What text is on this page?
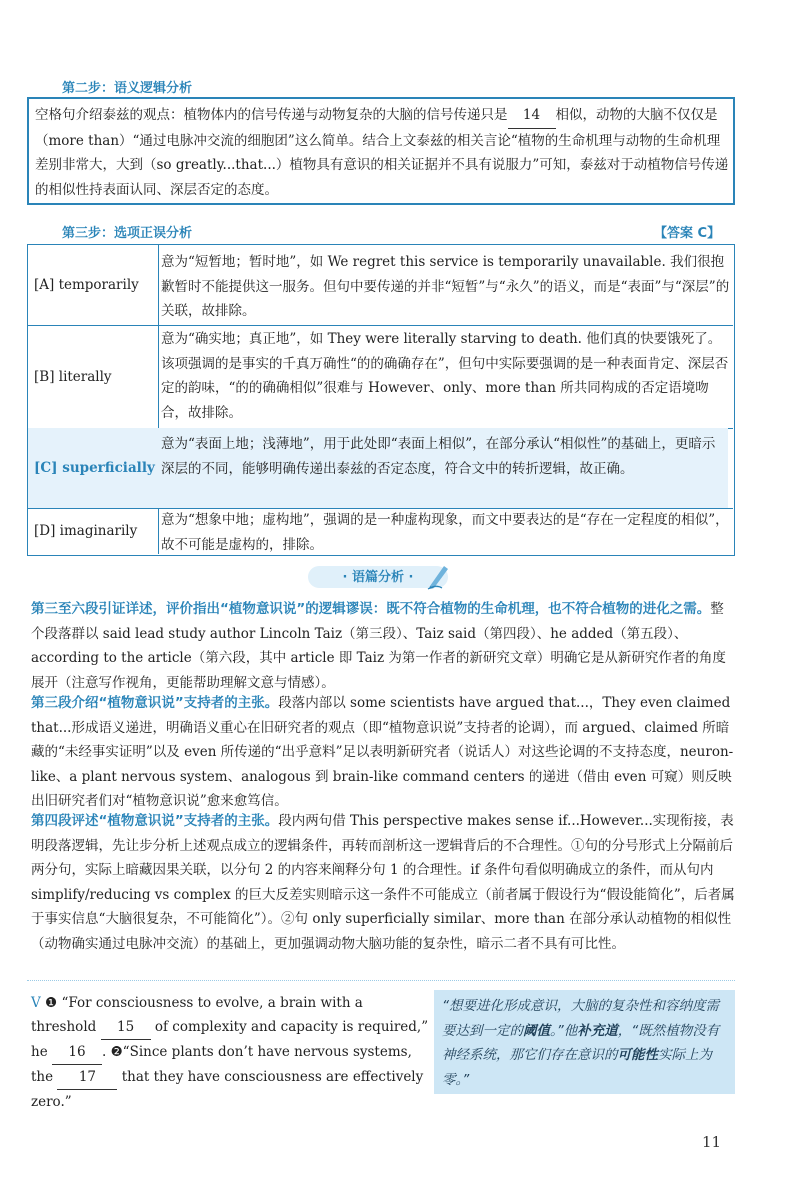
第二步：语义逻辑分析
空格句介绍泰兹的观点：植物体内的信号传递与动物复杂的大脑的信号传递只是 14 相似，动物的大脑不仅仅是（more than）“通过电脉冲交流的细胞团”这么简单。结合上文泰兹的相关言论“植物的生命机理与动物的生命机理差别非常大，大到（so greatly...that...）植物具有意识的相关证据并不具有说服力”可知，泰兹对于动植物信号传递的相似性持表面认同、深层否定的态度。
第三步：选项正误分析	【答案 C】
[A] temporarily
意为“短暂地；暂时地”，如 We regret this service is temporarily unavailable. 我们很抱歉暂时不能提供这一服务。但句中要传递的并非“短暂”与“永久”的语义，而是“表面”与“深层”的关联，故排除。
[B] literally
意为“确实地；真正地”，如 They were literally starving to death. 他们真的快要饿死了。该项强调的是事实的千真万确性“的的确确存在”，但句中实际要强调的是一种表面肯定、深层否定的韵味，“的的确确相似”很难与 However、only、more than 所共同构成的否定语境吻合，故排除。
[C] superficially
意为“表面上地；浅薄地”，用于此处即“表面上相似”，在部分承认“相似性”的基础上，更暗示深层的不同，能够明确传递出泰兹的否定态度，符合文中的转折逻辑，故正确。
[D] imaginarily
意为“想象中地；虚构地”，强调的是一种虚构现象，而文中要表达的是“存在一定程度的相似”，故不可能是虚构的，排除。
· 语篇分析 ·
第三至六段引证详述，评价指出“植物意识说”的逻辑谬误：既不符合植物的生命机理，也不符合植物的进化之需。整个段落群以 said lead study author Lincoln Taiz（第三段）、Taiz said（第四段）、he added（第五段）、according to the article（第六段，其中 article 即 Taiz 为第一作者的新研究文章）明确它是从新研究作者的角度展开（注意写作视角，更能帮助理解文意与情感）。
第三段介绍“植物意识说”支持者的主张。段落内部以 some scientists have argued that...，They even claimed that...形成语义递进，明确语义重心在旧研究者的观点（即“植物意识说”支持者的论调），而 argued、claimed 所暗藏的“未经事实证明”以及 even 所传递的“出乎意料”足以表明新研究者（说话人）对这些论调的不支持态度，neuron-like、a plant nervous system、analogous 到 brain-like command centers 的递进（借由 even 可窥）则反映出旧研究者们对“植物意识说”愈来愈笃信。
第四段评述“植物意识说”支持者的主张。段内两句借 This perspective makes sense if...However...实现衔接，表明段落逻辑，先让步分析上述观点成立的逻辑条件，再转而剖析这一逻辑背后的不合理性。①句的分号形式上分隔前后两分句，实际上暗藏因果关联，以分句 2 的内容来阐释分句 1 的合理性。if 条件句看似明确成立的条件，而从句内 simplify/reducing vs complex 的巨大反差实则暗示这一条件不可能成立（前者属于假设行为“假设能简化”，后者属于事实信息“大脑很复杂，不可能简化”）。②句 only superficially similar、more than 在部分承认动植物的相似性（动物确实通过电脉冲交流）的基础上，更加强调动物大脑功能的复杂性，暗示二者不具有可比性。
V ❶ “For consciousness to evolve, a brain with a threshold 15 of complexity and capacity is required,” he 16 . ❷“Since plants don’t have nervous systems, the 17 that they have consciousness are effectively zero.”
“想要进化形成意识，大脑的复杂性和容纳度需要达到一定的阈值。”他补充道，“既然植物没有神经系统，那它们存在意识的可能性实际上为零。”
11
